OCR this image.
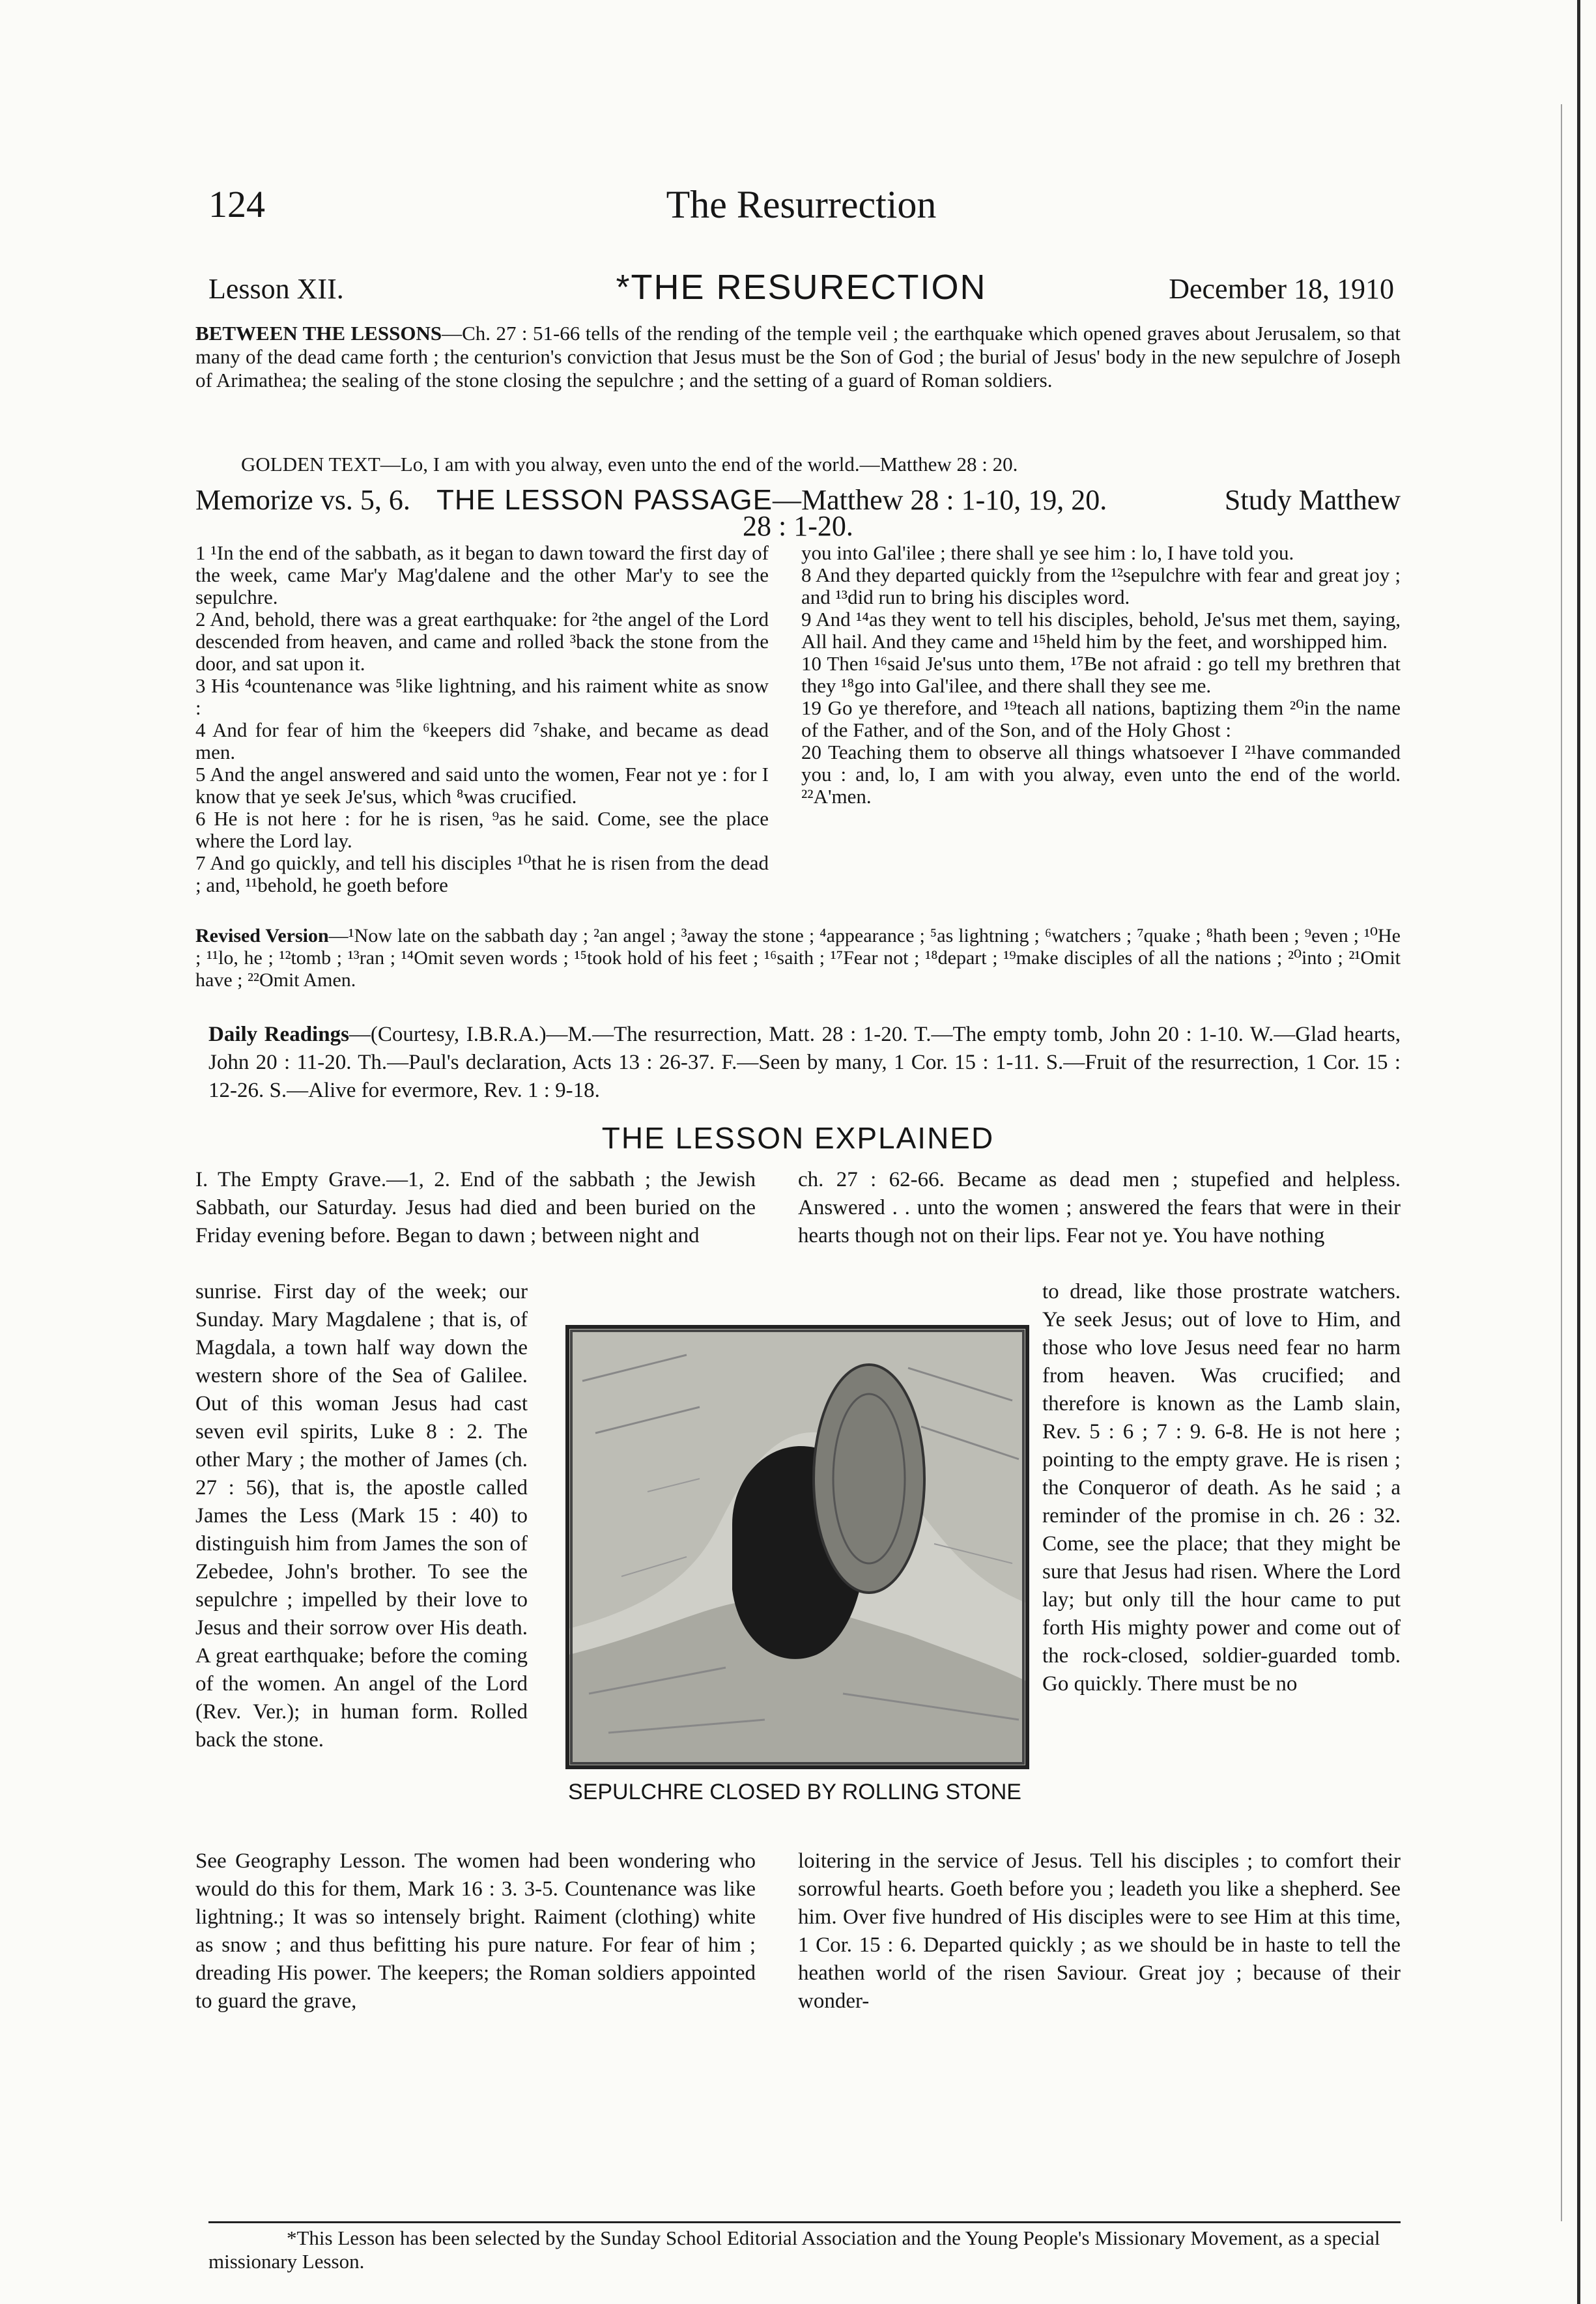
124	The Resurrection
Lesson XII.	*THE RESURECTION	December 18, 1910
BETWEEN THE LESSONS—Ch. 27 : 51-66 tells of the rending of the temple veil ; the earthquake which opened graves about Jerusalem, so that many of the dead came forth ; the centurion's conviction that Jesus must be the Son of God ; the burial of Jesus' body in the new sepulchre of Joseph of Arimathea; the sealing of the stone closing the sepulchre ; and the setting of a guard of Roman soldiers.
GOLDEN TEXT—Lo, I am with you alway, even unto the end of the world.—Matthew 28 : 20.
Memorize vs. 5, 6. THE LESSON PASSAGE—Matthew 28 : 1-10, 19, 20.	Study Matthew
28 : 1-20.

1 ¹In the end of the sabbath, as it began to dawn toward the first day of the week, came Mar'y Mag'dalene and the other Mar'y to see the sepulchre.

2 And, behold, there was a great earthquake: for ²the angel of the Lord descended from heaven, and came and rolled ³back the stone from the door, and sat upon it.

3 His ⁴countenance was ⁵like lightning, and his raiment white as snow :

4 And for fear of him the ⁶keepers did ⁷shake, and became as dead men.

5 And the angel answered and said unto the women, Fear not ye : for I know that ye seek Je'sus, which ⁸was crucified.

6 He is not here : for he is risen, ⁹as he said. Come, see the place where the Lord lay.

7 And go quickly, and tell his disciples ¹⁰that he is risen from the dead ; and, ¹¹behold, he goeth before

you into Gal'ilee ; there shall ye see him : lo, I have told you.

8 And they departed quickly from the ¹²sepulchre with fear and great joy ; and ¹³did run to bring his disciples word.

9 And ¹⁴as they went to tell his disciples, behold, Je'sus met them, saying, All hail. And they came and ¹⁵held him by the feet, and worshipped him.

10 Then ¹⁶said Je'sus unto them, ¹⁷Be not afraid : go tell my brethren that they ¹⁸go into Gal'ilee, and there shall they see me.

19 Go ye therefore, and ¹⁹teach all nations, baptizing them ²⁰in the name of the Father, and of the Son, and of the Holy Ghost :

20 Teaching them to observe all things whatsoever I ²¹have commanded you : and, lo, I am with you alway, even unto the end of the world. ²²A'men.

Revised Version—¹Now late on the sabbath day ; ²an angel ; ³away the stone ; ⁴appearance ; ⁵as lightning ; ⁶watchers ; ⁷quake ; ⁸hath been ; ⁹even ; ¹⁰He ; ¹¹lo, he ; ¹²tomb ; ¹³ran ; ¹⁴Omit seven words ; ¹⁵took hold of his feet ; ¹⁶saith ; ¹⁷Fear not ; ¹⁸depart ; ¹⁹make disciples of all the nations ; ²⁰into ; ²¹Omit have ; ²²Omit Amen.
Daily Readings—(Courtesy, I.B.R.A.)—M.—The resurrection, Matt. 28 : 1-20. T.—The empty tomb, John 20 : 1-10. W.—Glad hearts, John 20 : 11-20. Th.—Paul's declaration, Acts 13 : 26-37. F.—Seen by many, 1 Cor. 15 : 1-11. S.—Fruit of the resurrection, 1 Cor. 15 : 12-26. S.—Alive for evermore, Rev. 1 : 9-18.
THE LESSON EXPLAINED

I. The Empty Grave.—1, 2. End of the sabbath ; the Jewish Sabbath, our Saturday. Jesus had died and been buried on the Friday evening before. Began to dawn ; between night and

sunrise. First day of the week; our Sunday. Mary Magdalene ; that is, of Magdala, a town half way down the western shore of the Sea of Galilee. Out of this woman Jesus had cast seven evil spirits, Luke 8 : 2. The other Mary ; the mother of James (ch. 27 : 56), that is, the apostle called James the Less (Mark 15 : 40) to distinguish him from James the son of Zebedee, John's brother. To see the sepulchre ; impelled by their love to Jesus and their sorrow over His death. A great earthquake; before the coming of the women. An angel of the Lord (Rev. Ver.); in human form. Rolled back the stone.

See Geography Lesson. The women had been wondering who would do this for them, Mark 16 : 3. 3-5. Countenance was like lightning.; It was so intensely bright. Raiment (clothing) white as snow ; and thus befitting his pure nature. For fear of him ; dreading His power. The keepers; the Roman soldiers appointed to guard the grave,

ch. 27 : 62-66. Became as dead men ; stupefied and helpless. Answered . . unto the women ; answered the fears that were in their hearts though not on their lips. Fear not ye. You have nothing

to dread, like those prostrate watchers. Ye seek Jesus; out of love to Him, and those who love Jesus need fear no harm from heaven. Was crucified; and therefore is known as the Lamb slain, Rev. 5 : 6 ; 7 : 9. 6-8. He is not here ; pointing to the empty grave. He is risen ; the Conqueror of death. As he said ; a reminder of the promise in ch. 26 : 32. Come, see the place; that they might be sure that Jesus had risen. Where the Lord lay; but only till the hour came to put forth His mighty power and come out of the rock-closed, soldier-guarded tomb. Go quickly. There must be no

loitering in the service of Jesus. Tell his disciples ; to comfort their sorrowful hearts. Goeth before you ; leadeth you like a shepherd. See him. Over five hundred of His disciples were to see Him at this time, 1 Cor. 15 : 6. Departed quickly ; as we should be in haste to tell the heathen world of the risen Saviour. Great joy ; because of their wonder-

SEPULCHRE CLOSED BY ROLLING STONE
*This Lesson has been selected by the Sunday School Editorial Association and the Young People's Missionary Movement, as a special missionary Lesson.
